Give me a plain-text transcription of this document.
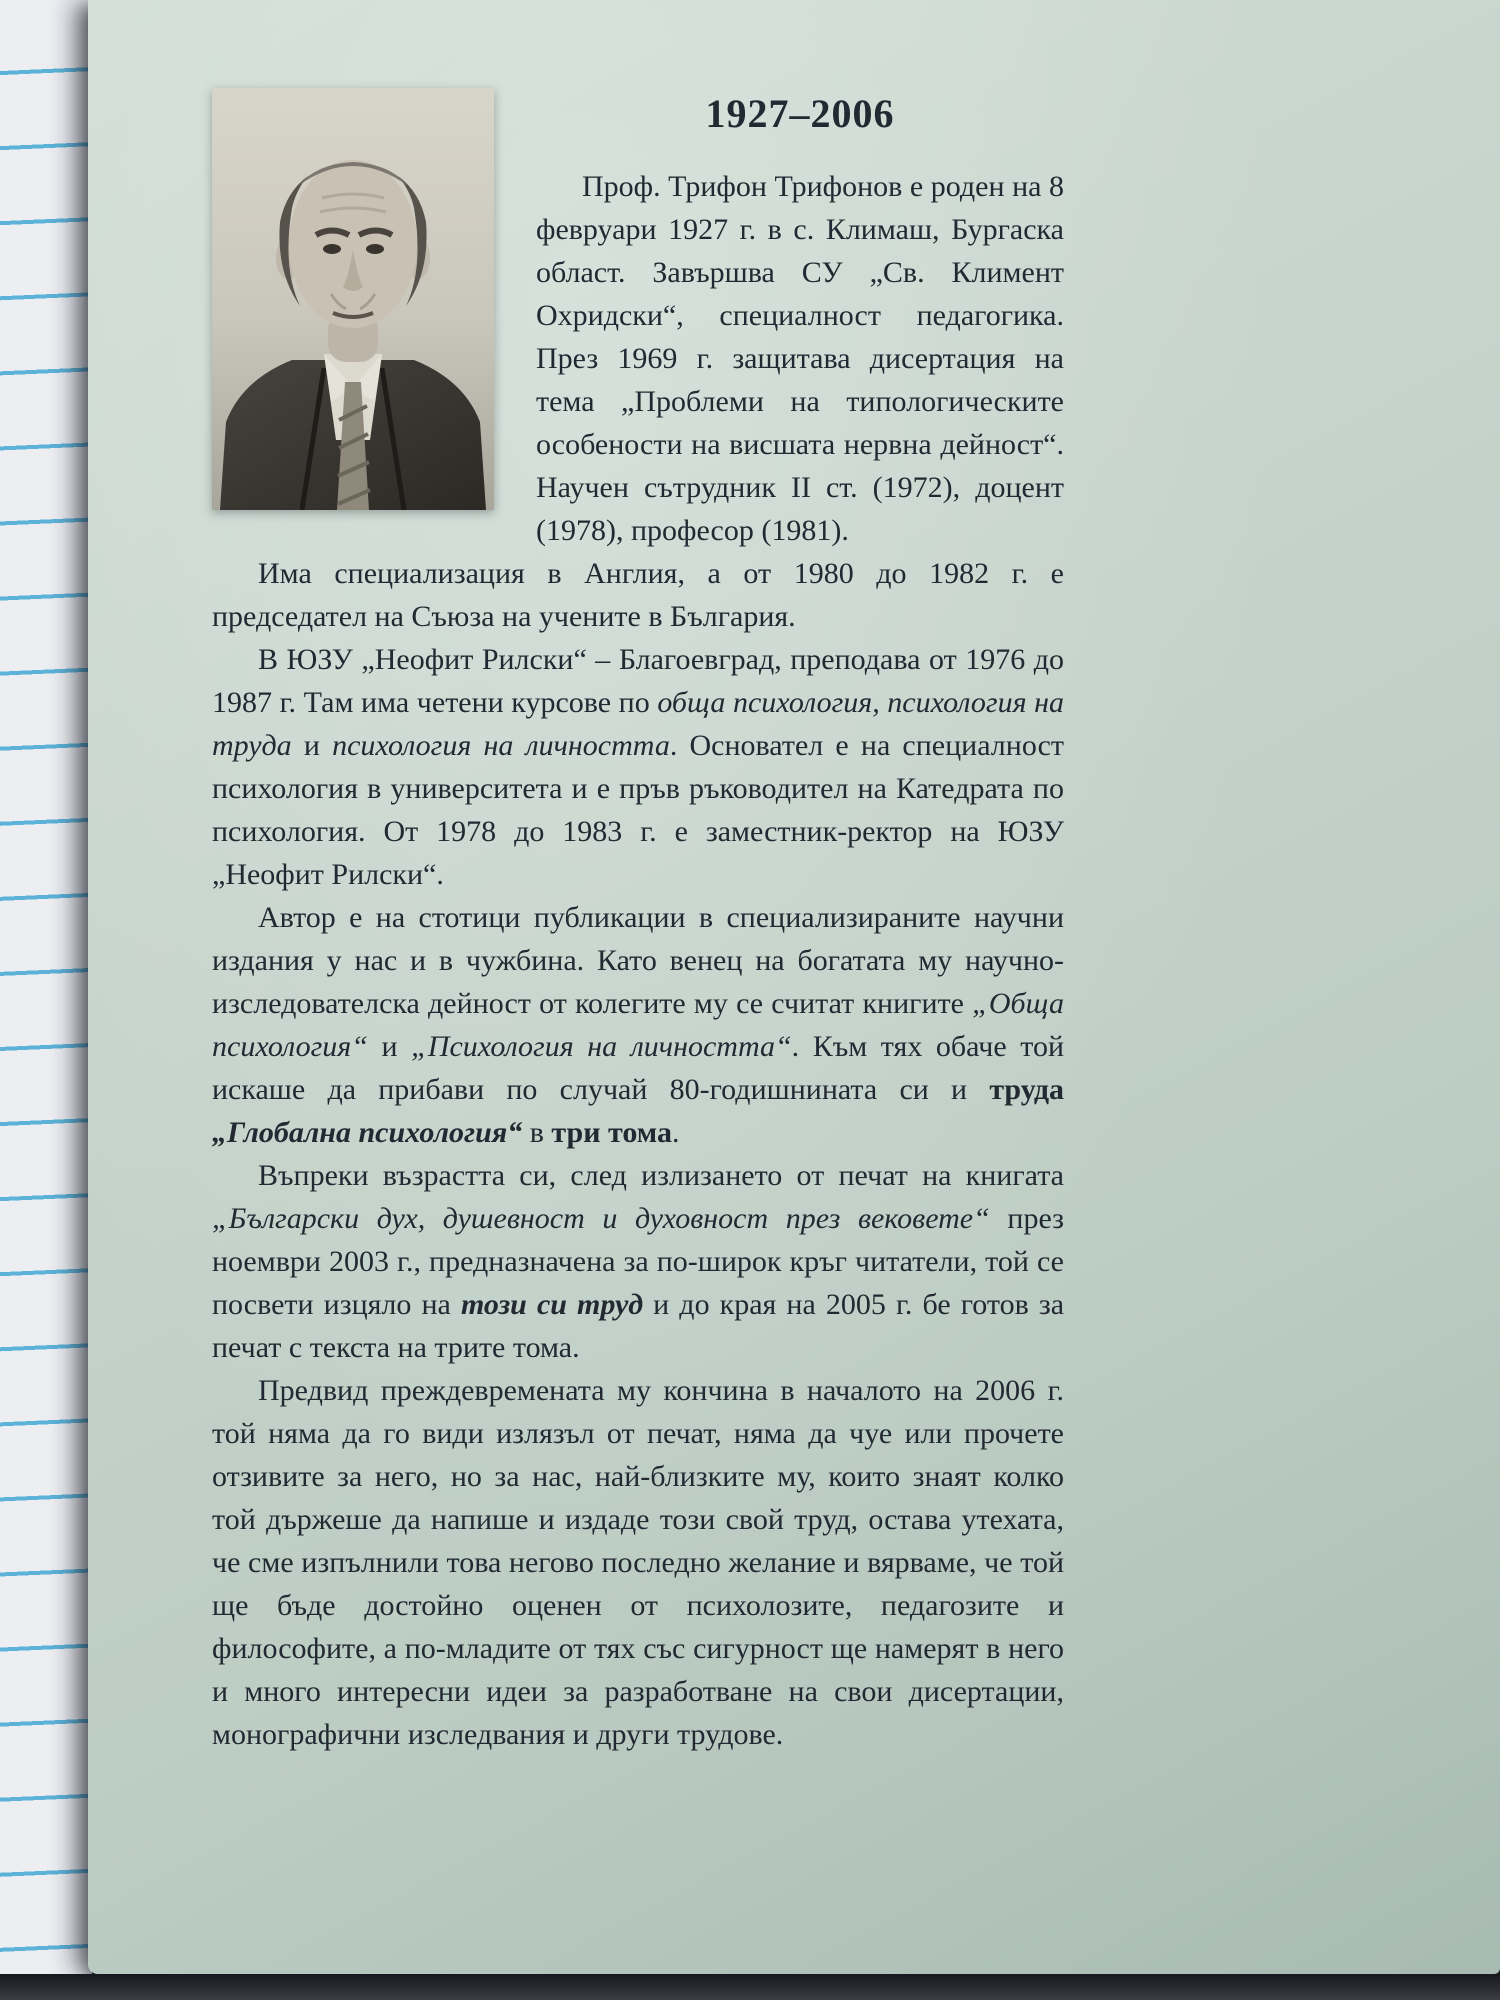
1927–2006

Проф. Трифон Трифонов е роден на 8 февруари 1927 г. в с. Климаш, Бургаска област. Завършва СУ „Св. Климент Охридски“, специалност педагогика. През 1969 г. защитава дисертация на тема „Проблеми на типологическите особености на висшата нервна дейност“. Научен сътрудник II ст. (1972), доцент (1978), професор (1981).

Има специализация в Англия, а от 1980 до 1982 г. е председател на Съюза на учените в България.

В ЮЗУ „Неофит Рилски“ – Благоевград, преподава от 1976 до 1987 г. Там има четени курсове по обща психология, психология на труда и психология на личността. Основател е на специалност психология в университета и е пръв ръководител на Катедрата по психология. От 1978 до 1983 г. е заместник-ректор на ЮЗУ „Неофит Рилски“.

Автор е на стотици публикации в специализираните научни издания у нас и в чужбина. Като венец на богатата му научно-изследователска дейност от колегите му се считат книгите „Обща психология“ и „Психология на личността“. Към тях обаче той искаше да прибави по случай 80-годишнината си и труда „Глобална психология“ в три тома.

Въпреки възрастта си, след излизането от печат на книгата „Български дух, душевност и духовност през вековете“ през ноември 2003 г., предназначена за по-широк кръг читатели, той се посвети изцяло на този си труд и до края на 2005 г. бе готов за печат с текста на трите тома.

Предвид преждевремената му кончина в началото на 2006 г. той няма да го види излязъл от печат, няма да чуе или прочете отзивите за него, но за нас, най-близките му, които знаят колко той държеше да напише и издаде този свой труд, остава утехата, че сме изпълнили това негово последно желание и вярваме, че той ще бъде достойно оценен от психолозите, педагозите и философите, а по-младите от тях със сигурност ще намерят в него и много интересни идеи за разработване на свои дисертации, монографични изследвания и други трудове.
